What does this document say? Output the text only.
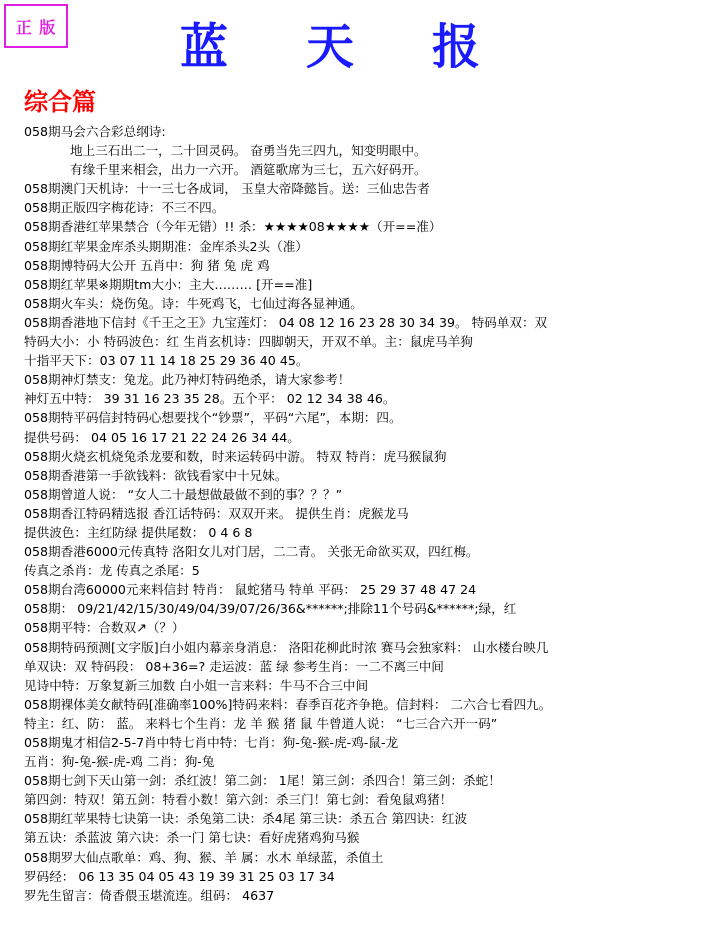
正 版	蓝 天 报
综合篇
058期马会六合彩总纲诗:
地上三石出二一，二十回灵码。 奋勇当先三四九，知变明眼中。
有缘千里来相会，出力一六开。 酒筵歌席为三七，五六好码开。
058期澳门天机诗：十一三七各成词， 玉皇大帝降懿旨。送：三仙忠告者
058期正版四字梅花诗：不三不四。
058期香港红苹果禁合（今年无错）!! 杀：★★★★08★★★★（开==准）
058期红苹果金库杀头期期准：金库杀头2头（准）
058期博特码大公开 五肖中：狗 猪 兔 虎 鸡
058期红苹果※期期tm大小：主大……… [开==准]
058期火车头：烧伤兔。诗：牛死鸡飞，七仙过海各显神通。
058期香港地下信封《千王之王》九宝莲灯： 04 08 12 16 23 28 30 34 39。 特码单双：双
特码大小：小 特码波色：红 生肖玄机诗：四脚朝天，开双不单。主：鼠虎马羊狗
十指平天下：03 07 11 14 18 25 29 36 40 45。
058期神灯禁支：兔龙。此乃神灯特码绝杀，请大家参考！
神灯五中特： 39 31 16 23 35 28。五个平： 02 12 34 38 46。
058期特平码信封特码心想要找个“钞票”，平码“六尾”，本期：四。
提供号码： 04 05 16 17 21 22 24 26 34 44。
058期火烧玄机烧兔杀龙要和数，时来运转码中游。 特双 特肖：虎马猴鼠狗
058期香港第一手欲钱料：欲钱看家中十兄妹。
058期曾道人说： “女人二十最想做最做不到的事？？？”
058期香江特码精选报 香江话特码：双双开来。 提供生肖：虎猴龙马
提供波色：主红防绿 提供尾数： 0 4 6 8
058期香港6000元传真特 洛阳女儿对门居，二二青。 关张无命欲买双，四红梅。
传真之杀肖：龙 传真之杀尾：5
058期台湾60000元来料信封 特肖： 鼠蛇猪马 特单 平码： 25 29 37 48 47 24
058期： 09/21/42/15/30/49/04/39/07/26/36&******;排除11个号码&******;绿，红
058期平特：合数双↗（？）
058期特码预测[文字版]白小姐内幕亲身消息： 洛阳花柳此时浓 赛马会独家料： 山水楼台映几
单双诀：双 特码段： 08+36=? 走运波：蓝 绿 参考生肖：一二不离三中间
见诗中特：万象复新三加数 白小姐一言来料：牛马不合三中间
058期裸体美女献特码[准确率100%]特码来料：春季百花齐争艳。信封料： 二六合七看四九。
特主：红、防： 蓝。 来料七个生肖：龙 羊 猴 猪 鼠 牛曾道人说： “七三合六开一码”
058期鬼才相信2-5-7肖中特七肖中特：七肖：狗-兔-猴-虎-鸡-鼠-龙
五肖：狗-兔-猴-虎-鸡 二肖：狗-兔
058期七剑下天山第一剑：杀红波！第二剑： 1尾！第三剑：杀四合！第三剑：杀蛇！
第四剑：特双！第五剑：特看小数！第六剑：杀三门！第七剑：看兔鼠鸡猪！
058期红苹果特七诀第一诀：杀兔第二诀：杀4尾 第三诀：杀五合 第四诀：红波
第五诀：杀蓝波 第六诀：杀一门 第七诀：看好虎猪鸡狗马猴
058期罗大仙点歌单：鸡、狗、猴、羊 属：水木 单绿蓝，杀值土
罗码经： 06 13 35 04 05 43 19 39 31 25 03 17 34
罗先生留言：倚香偎玉堪流连。组码： 4637
